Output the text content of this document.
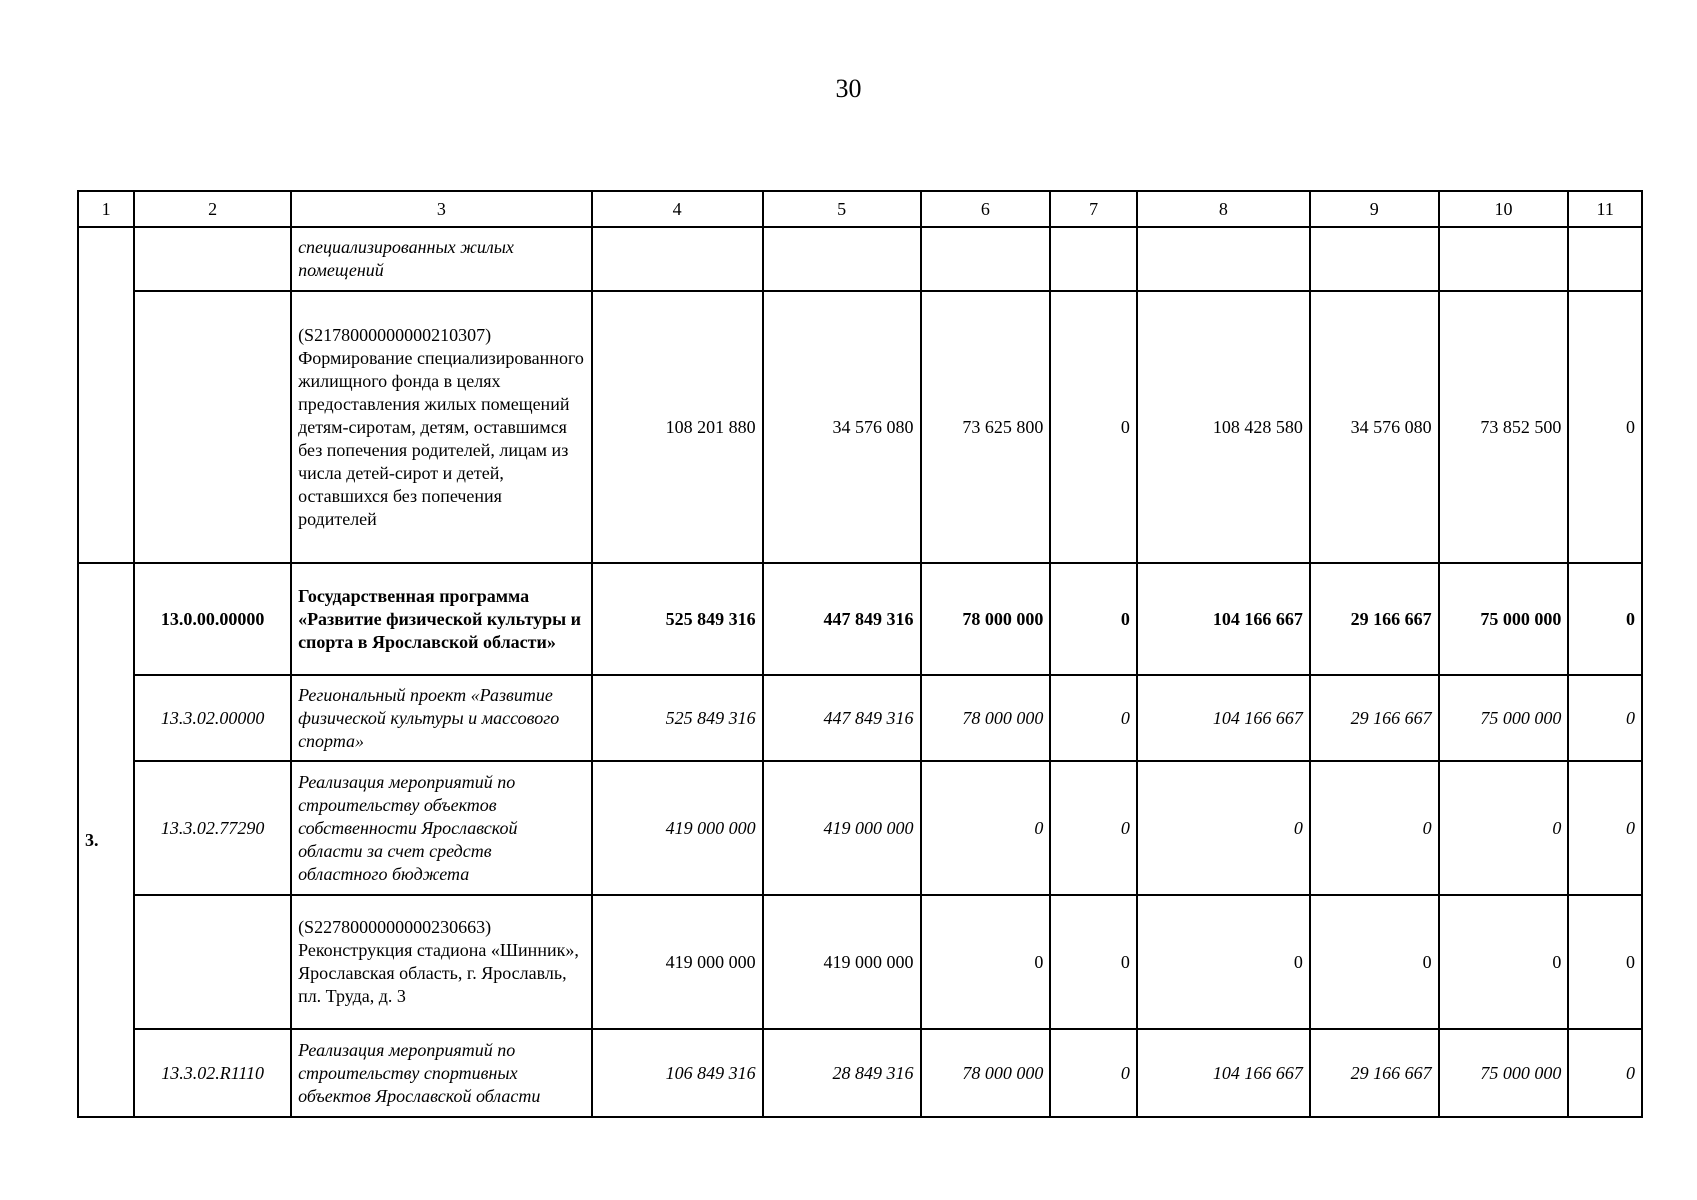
30
1	2	3	4	5	6	7	8	9	10	11
		специализированных жилых помещений								
		(S2178000000000210307) Формирование специализированного жилищного фонда в целях предоставления жилых помещений детям-сиротам, детям, оставшимся без попечения родителей, лицам из числа детей-сирот и детей, оставшихся без попечения родителей	108 201 880	34 576 080	73 625 800	0	108 428 580	34 576 080	73 852 500	0
3.	13.0.00.00000	Государственная программа «Развитие физической культуры и спорта в Ярославской области»	525 849 316	447 849 316	78 000 000	0	104 166 667	29 166 667	75 000 000	0
	13.3.02.00000	Региональный проект «Развитие физической культуры и массового спорта»	525 849 316	447 849 316	78 000 000	0	104 166 667	29 166 667	75 000 000	0
	13.3.02.77290	Реализация мероприятий по строительству объектов собственности Ярославской области за счет средств областного бюджета	419 000 000	419 000 000	0	0	0	0	0	0
		(S2278000000000230663) Реконструкция стадиона «Шинник», Ярославская область, г. Ярославль, пл. Труда, д. 3	419 000 000	419 000 000	0	0	0	0	0	0
	13.3.02.R1110	Реализация мероприятий по строительству спортивных объектов Ярославской области	106 849 316	28 849 316	78 000 000	0	104 166 667	29 166 667	75 000 000	0
